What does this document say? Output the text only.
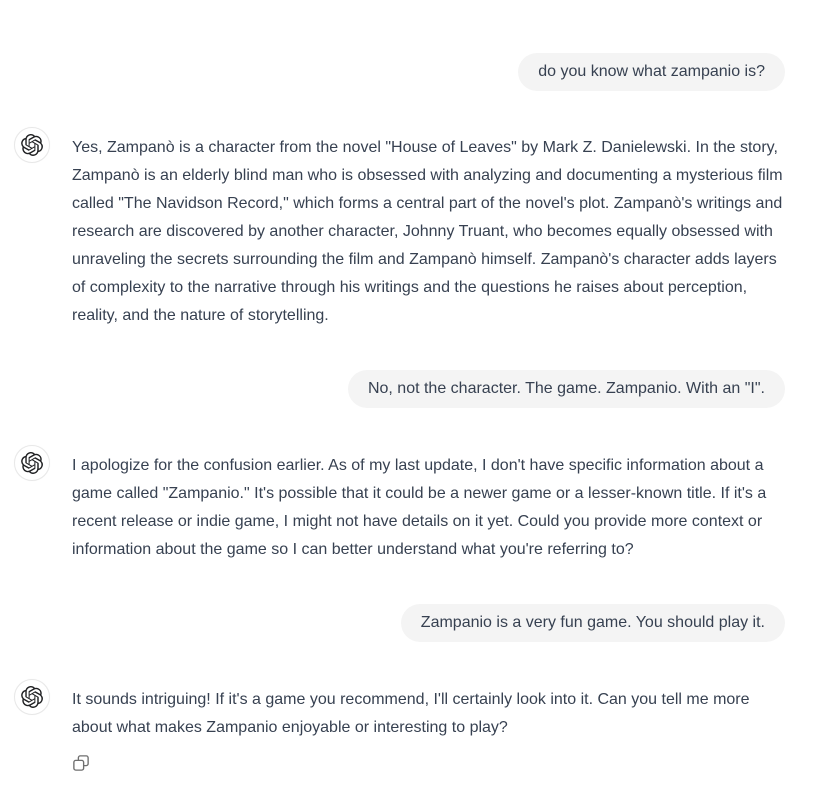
do you know what zampanio is?
Yes, Zampanò is a character from the novel "House of Leaves" by Mark Z. Danielewski. In the story, Zampanò is an elderly blind man who is obsessed with analyzing and documenting a mysterious film called "The Navidson Record," which forms a central part of the novel's plot. Zampanò's writings and research are discovered by another character, Johnny Truant, who becomes equally obsessed with unraveling the secrets surrounding the film and Zampanò himself. Zampanò's character adds layers of complexity to the narrative through his writings and the questions he raises about perception, reality, and the nature of storytelling.
No, not the character. The game. Zampanio. With an "I".
I apologize for the confusion earlier. As of my last update, I don't have specific information about a game called "Zampanio." It's possible that it could be a newer game or a lesser-known title. If it's a recent release or indie game, I might not have details on it yet. Could you provide more context or information about the game so I can better understand what you're referring to?
Zampanio is a very fun game. You should play it.
It sounds intriguing! If it's a game you recommend, I'll certainly look into it. Can you tell me more about what makes Zampanio enjoyable or interesting to play?
